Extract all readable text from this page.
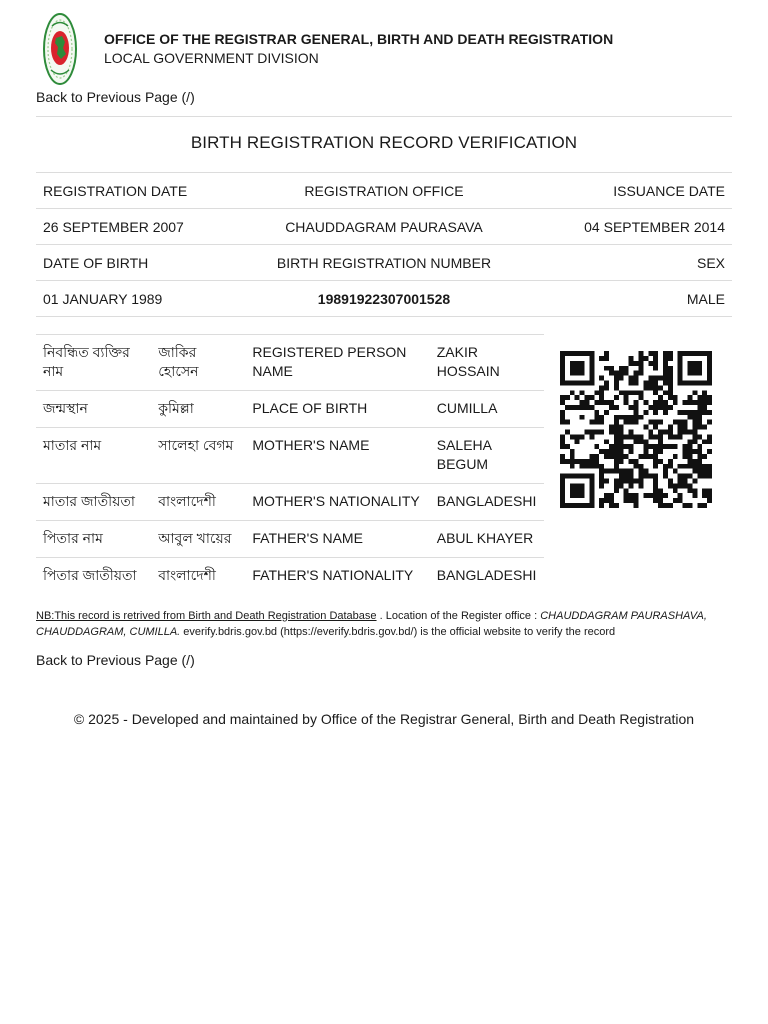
OFFICE OF THE REGISTRAR GENERAL, BIRTH AND DEATH REGISTRATION
LOCAL GOVERNMENT DIVISION
Back to Previous Page (/)
BIRTH REGISTRATION RECORD VERIFICATION
REGISTRATION DATE	REGISTRATION OFFICE	ISSUANCE DATE
26 SEPTEMBER 2007	CHAUDDAGRAM PAURASAVA	04 SEPTEMBER 2014
DATE OF BIRTH	BIRTH REGISTRATION NUMBER	SEX
01 JANUARY 1989	19891922307001528	MALE
নিবন্ধিত ব্যক্তির নাম	জাকির হোসেন	REGISTERED PERSON NAME	ZAKIR HOSSAIN
জন্মস্থান	কুমিল্লা	PLACE OF BIRTH	CUMILLA
মাতার নাম	সালেহা বেগম	MOTHER'S NAME	SALEHA BEGUM
মাতার জাতীয়তা	বাংলাদেশী	MOTHER'S NATIONALITY	BANGLADESHI
পিতার নাম	আবুল খায়ের	FATHER'S NAME	ABUL KHAYER
পিতার জাতীয়তা	বাংলাদেশী	FATHER'S NATIONALITY	BANGLADESHI
NB:This record is retrived from Birth and Death Registration Database . Location of the Register office : CHAUDDAGRAM PAURASHAVA, CHAUDDAGRAM, CUMILLA. everify.bdris.gov.bd (https://everify.bdris.gov.bd/) is the official website to verify the record
Back to Previous Page (/)
© 2025 - Developed and maintained by Office of the Registrar General, Birth and Death Registration
